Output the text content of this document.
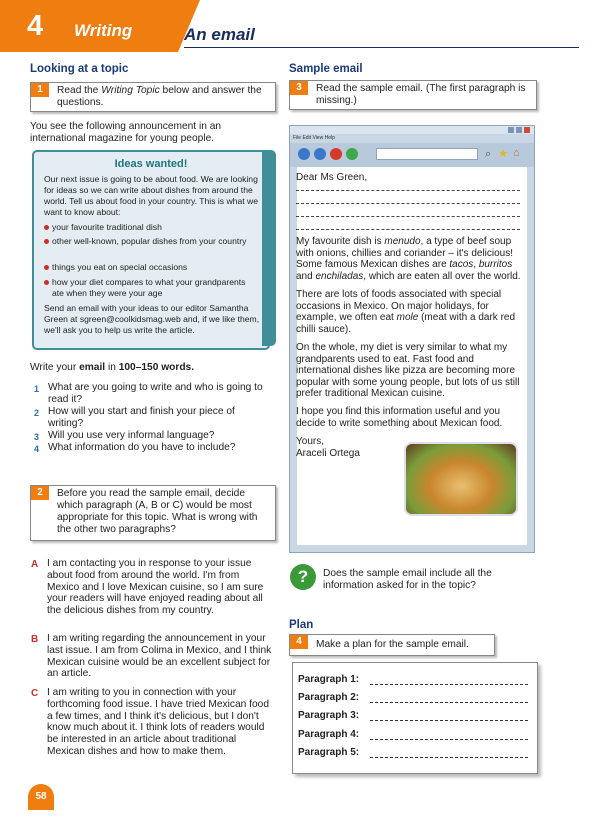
4 Writing	An email
Looking at a topic
1	Read the Writing Topic below and answer the questions.
You see the following announcement in an international magazine for young people.
Ideas wanted!
Our next issue is going to be about food. We are looking for ideas so we can write about dishes from around the world. Tell us about food in your country. This is what we want to know about:
your favourite traditional dish
other well-known, popular dishes from your country
things you eat on special occasions
how your diet compares to what your grandparents ate when they were your age
Send an email with your ideas to our editor Samantha Green at sgreen@coolkidsmag.web and, if we like them, we'll ask you to help us write the article.
Write your email in 100–150 words.
1 What are you going to write and who is going to read it?
2 How will you start and finish your piece of writing?
3 Will you use very informal language?
4 What information do you have to include?
2	Before you read the sample email, decide which paragraph (A, B or C) would be most appropriate for this topic. What is wrong with the other two paragraphs?
A I am contacting you in response to your issue about food from around the world. I'm from Mexico and I love Mexican cuisine, so I am sure your readers will have enjoyed reading about all the delicious dishes from my country.
B I am writing regarding the announcement in your last issue. I am from Colima in Mexico, and I think Mexican cuisine would be an excellent subject for an article.
C I am writing to you in connection with your forthcoming food issue. I have tried Mexican food a few times, and I think it's delicious, but I don't know much about it. I think lots of readers would be interested in an article about traditional Mexican dishes and how to make them.
58
Sample email
3	Read the sample email. (The first paragraph is missing.)
File Edit View Help
⌕ ★ ⌂
Dear Ms Green,
My favourite dish is menudo, a type of beef soup with onions, chillies and coriander – it's delicious! Some famous Mexican dishes are tacos, burritos and enchiladas, which are eaten all over the world.
There are lots of foods associated with special occasions in Mexico. On major holidays, for example, we often eat mole (meat with a dark red chilli sauce).
On the whole, my diet is very similar to what my grandparents used to eat. Fast food and international dishes like pizza are becoming more popular with some young people, but lots of us still prefer traditional Mexican cuisine.
I hope you find this information useful and you decide to write something about Mexican food.
Yours,
Araceli Ortega
?	Does the sample email include all the information asked for in the topic?
Plan
4	Make a plan for the sample email.
Paragraph 1:
Paragraph 2:
Paragraph 3:
Paragraph 4:
Paragraph 5:
